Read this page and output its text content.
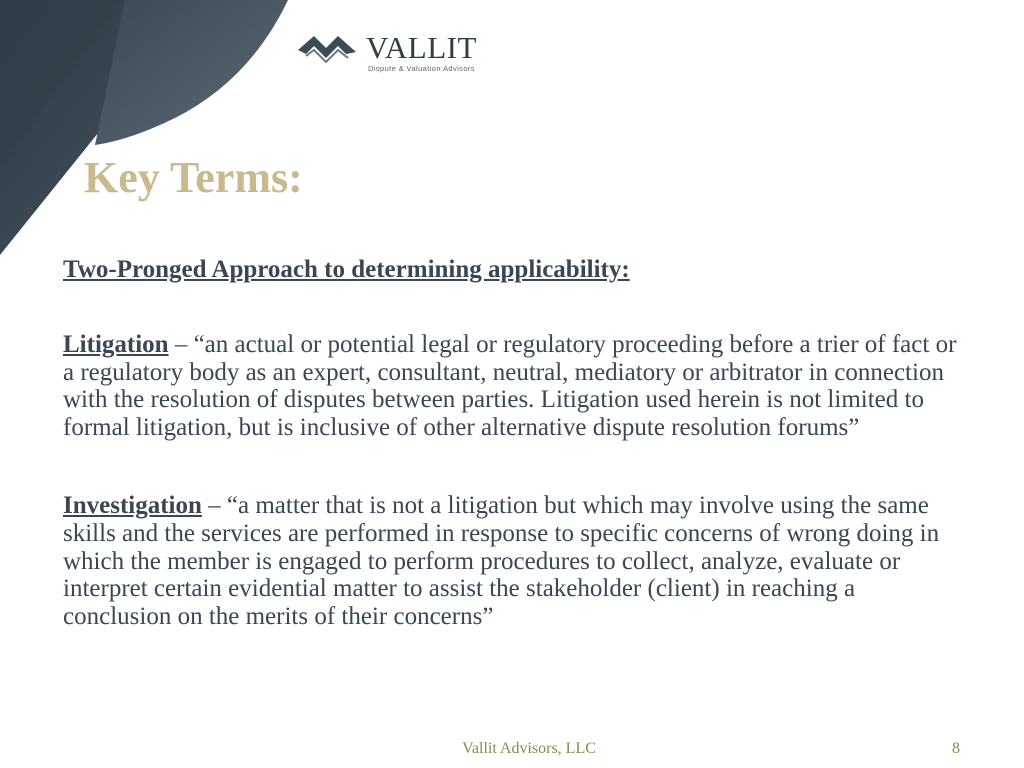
VALLIT
Dispute & Valuation Advisors
Key Terms:
Two-Pronged Approach to determining applicability:
Litigation – “an actual or potential legal or regulatory proceeding before a trier of fact or a regulatory body as an expert, consultant, neutral, mediatory or arbitrator in connection with the resolution of disputes between parties. Litigation used herein is not limited to formal litigation, but is inclusive of other alternative dispute resolution forums”
Investigation – “a matter that is not a litigation but which may involve using the same skills and the services are performed in response to specific concerns of wrong doing in which the member is engaged to perform procedures to collect, analyze, evaluate or interpret certain evidential matter to assist the stakeholder (client) in reaching a conclusion on the merits of their concerns”
Vallit Advisors, LLC	8
